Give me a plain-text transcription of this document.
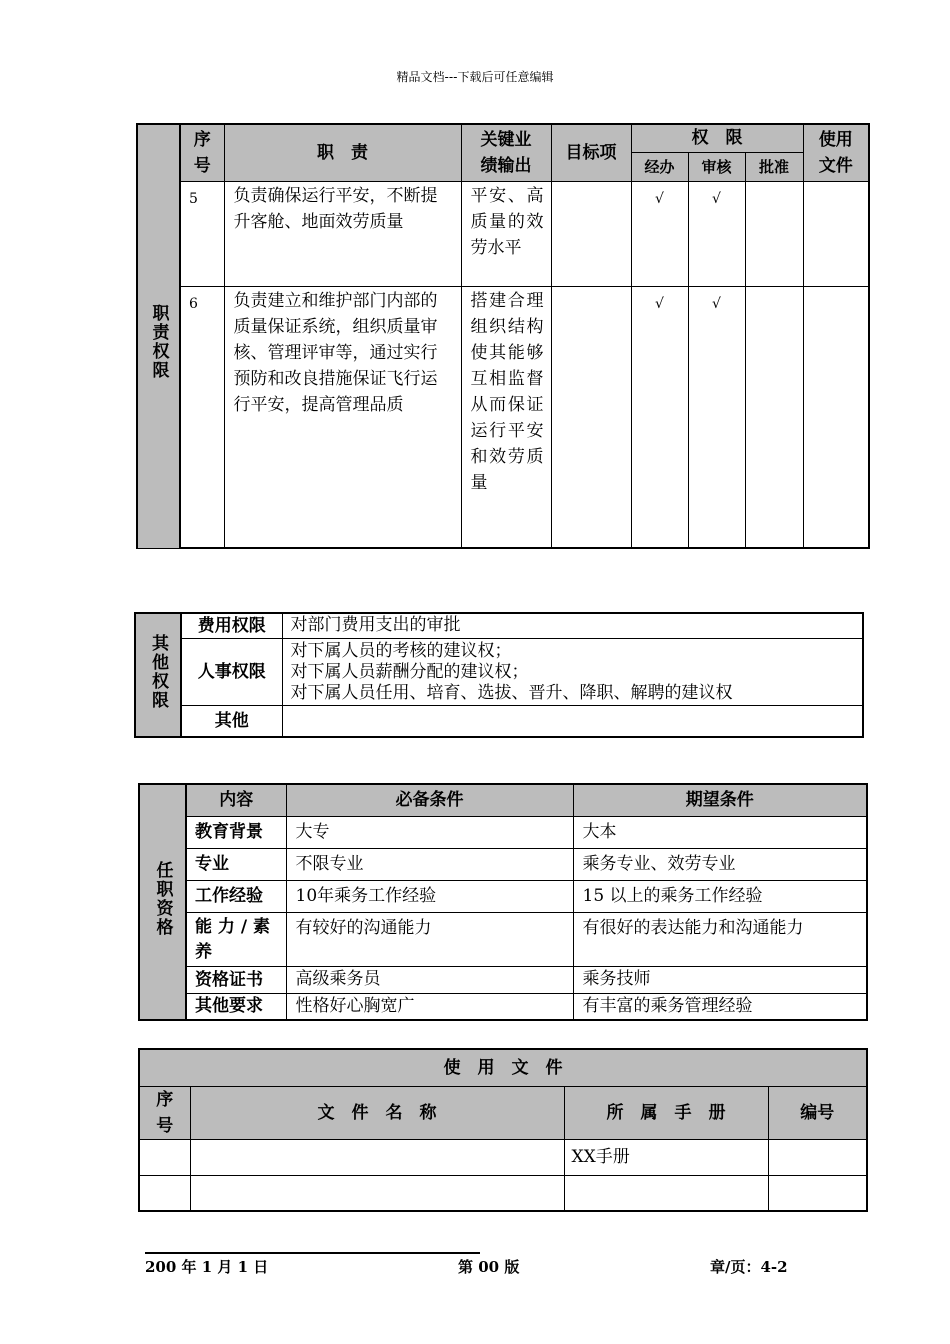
精品文档---下载后可任意编辑
职责权限	序号	职　责	关键业绩输出	目标项	权　限			使用文件
					经办	审核	批准	
	5	负责确保运行平安，不断提升客舱、地面效劳质量	平安、高质量的效劳水平		√	√		
	6	负责建立和维护部门内部的质量保证系统，组织质量审核、管理评审等，通过实行预防和改良措施保证飞行运行平安，提高管理品质	搭建合理组织结构使其能够互相监督从而保证运行平安和效劳质量		√	√		
其他权限	费用权限	对部门费用支出的审批

	人事权限	对下属人员的考核的建议权；
对下属人员薪酬分配的建议权；
对下属人员任用、培育、选拔、晋升、降职、解聘的建议权

	其他	
任职资格	内容	必备条件	期望条件
	教育背景	大专	大本
	专业	不限专业	乘务专业、效劳专业
	工作经验	10年乘务工作经验	15 以上的乘务工作经验
	能 力 / 素养	有较好的沟通能力	有很好的表达能力和沟通能力
	资格证书	高级乘务员	乘务技师
	其他要求	性格好心胸宽广	有丰富的乘务管理经验
使　用　文　件			
序号	文　件　名　称	所　属　手　册	编号
		XX手册	

200 年 1 月 1 日	第 00 版	章/页：4-2
